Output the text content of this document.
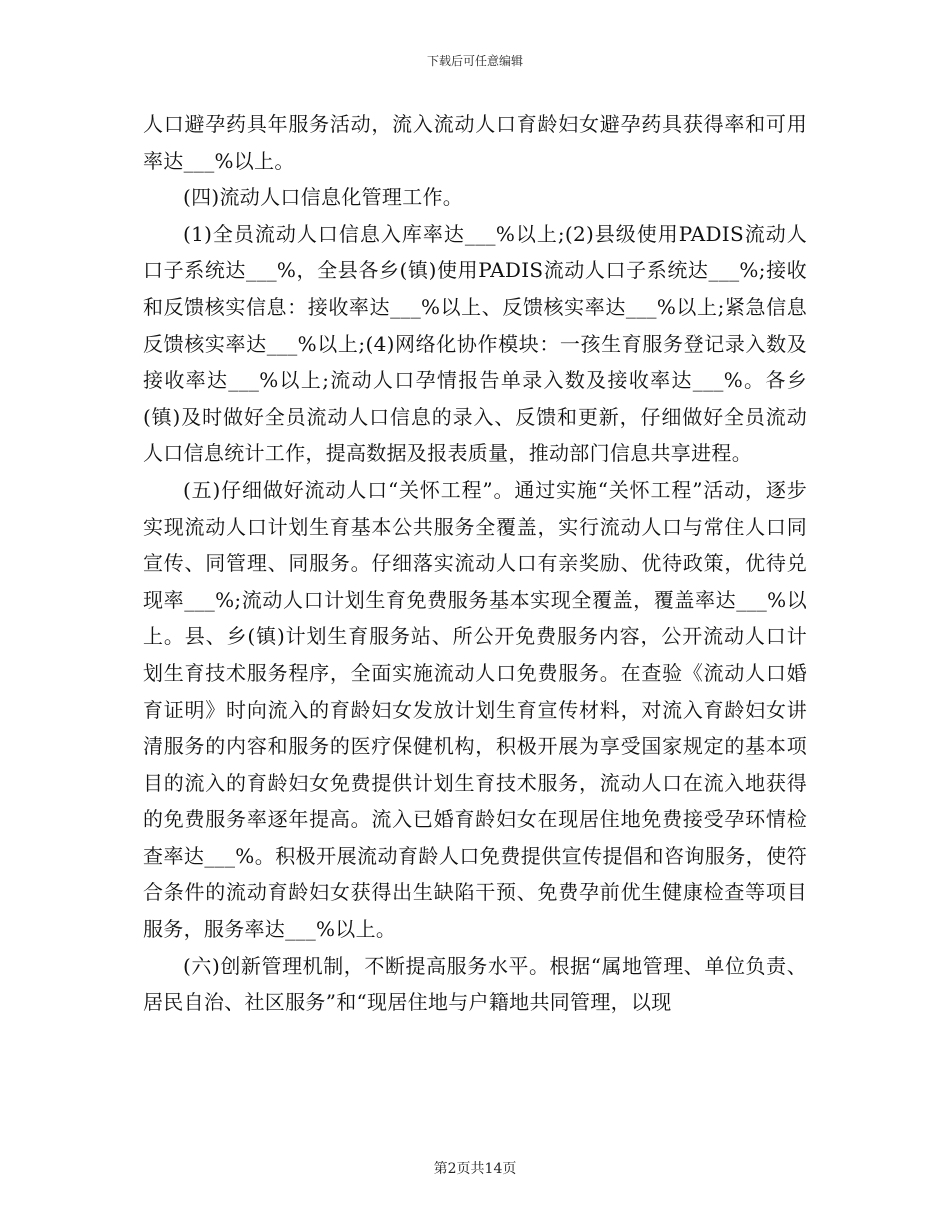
下载后可任意编辑

人口避孕药具年服务活动，流入流动人口育龄妇女避孕药具获得率和可用率达___%以上。

(四)流动人口信息化管理工作。

(1)全员流动人口信息入库率达___%以上;(2)县级使用PADIS流动人口子系统达___%，全县各乡(镇)使用PADIS流动人口子系统达___%;接收和反馈核实信息：接收率达___%以上、反馈核实率达___%以上;紧急信息反馈核实率达___%以上;(4)网络化协作模块：一孩生育服务登记录入数及接收率达___%以上;流动人口孕情报告单录入数及接收率达___%。各乡(镇)及时做好全员流动人口信息的录入、反馈和更新，仔细做好全员流动人口信息统计工作，提高数据及报表质量，推动部门信息共享进程。

(五)仔细做好流动人口“关怀工程”。通过实施“关怀工程”活动，逐步实现流动人口计划生育基本公共服务全覆盖，实行流动人口与常住人口同宣传、同管理、同服务。仔细落实流动人口有亲奖励、优待政策，优待兑现率___%;流动人口计划生育免费服务基本实现全覆盖，覆盖率达___%以上。县、乡(镇)计划生育服务站、所公开免费服务内容，公开流动人口计划生育技术服务程序，全面实施流动人口免费服务。在查验《流动人口婚育证明》时向流入的育龄妇女发放计划生育宣传材料，对流入育龄妇女讲清服务的内容和服务的医疗保健机构，积极开展为享受国家规定的基本项目的流入的育龄妇女免费提供计划生育技术服务，流动人口在流入地获得的免费服务率逐年提高。流入已婚育龄妇女在现居住地免费接受孕环情检查率达___%。积极开展流动育龄人口免费提供宣传提倡和咨询服务，使符合条件的流动育龄妇女获得出生缺陷干预、免费孕前优生健康检查等项目服务，服务率达___%以上。

(六)创新管理机制，不断提高服务水平。根据“属地管理、单位负责、居民自治、社区服务”和“现居住地与户籍地共同管理，以现

第2页共14页
